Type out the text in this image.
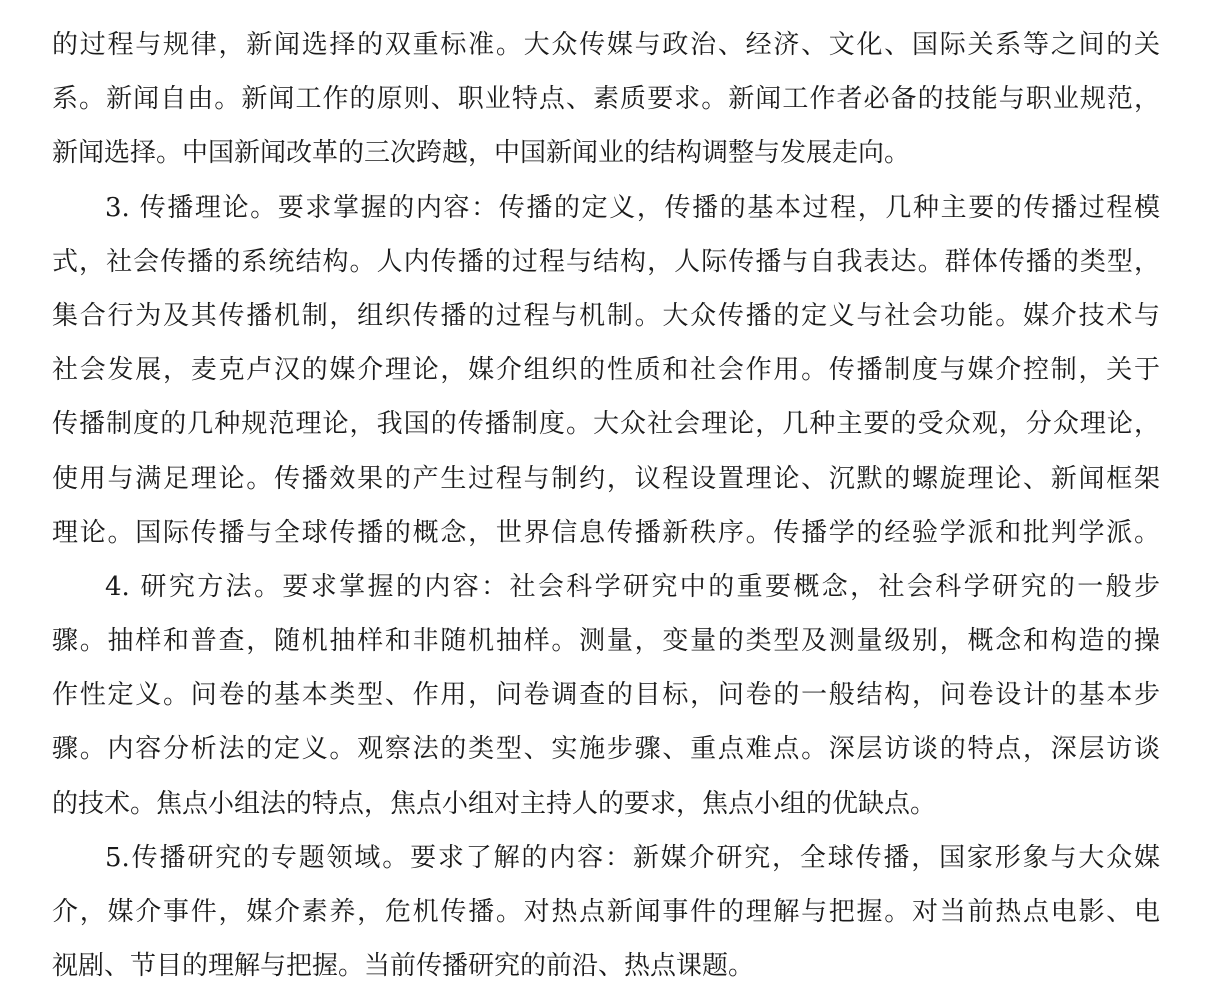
的过程与规律，新闻选择的双重标准。大众传媒与政治、经济、文化、国际关系等之间的关
系。新闻自由。新闻工作的原则、职业特点、素质要求。新闻工作者必备的技能与职业规范，
新闻选择。中国新闻改革的三次跨越，中国新闻业的结构调整与发展走向。
3. 传播理论。要求掌握的内容：传播的定义，传播的基本过程，几种主要的传播过程模
式，社会传播的系统结构。人内传播的过程与结构，人际传播与自我表达。群体传播的类型，
集合行为及其传播机制，组织传播的过程与机制。大众传播的定义与社会功能。媒介技术与
社会发展，麦克卢汉的媒介理论，媒介组织的性质和社会作用。传播制度与媒介控制，关于
传播制度的几种规范理论，我国的传播制度。大众社会理论，几种主要的受众观，分众理论，
使用与满足理论。传播效果的产生过程与制约，议程设置理论、沉默的螺旋理论、新闻框架
理论。国际传播与全球传播的概念，世界信息传播新秩序。传播学的经验学派和批判学派。
4. 研究方法。要求掌握的内容：社会科学研究中的重要概念，社会科学研究的一般步
骤。抽样和普查，随机抽样和非随机抽样。测量，变量的类型及测量级别，概念和构造的操
作性定义。问卷的基本类型、作用，问卷调查的目标，问卷的一般结构，问卷设计的基本步
骤。内容分析法的定义。观察法的类型、实施步骤、重点难点。深层访谈的特点，深层访谈
的技术。焦点小组法的特点，焦点小组对主持人的要求，焦点小组的优缺点。
5.传播研究的专题领域。要求了解的内容：新媒介研究，全球传播，国家形象与大众媒
介，媒介事件，媒介素养，危机传播。对热点新闻事件的理解与把握。对当前热点电影、电
视剧、节目的理解与把握。当前传播研究的前沿、热点课题。
